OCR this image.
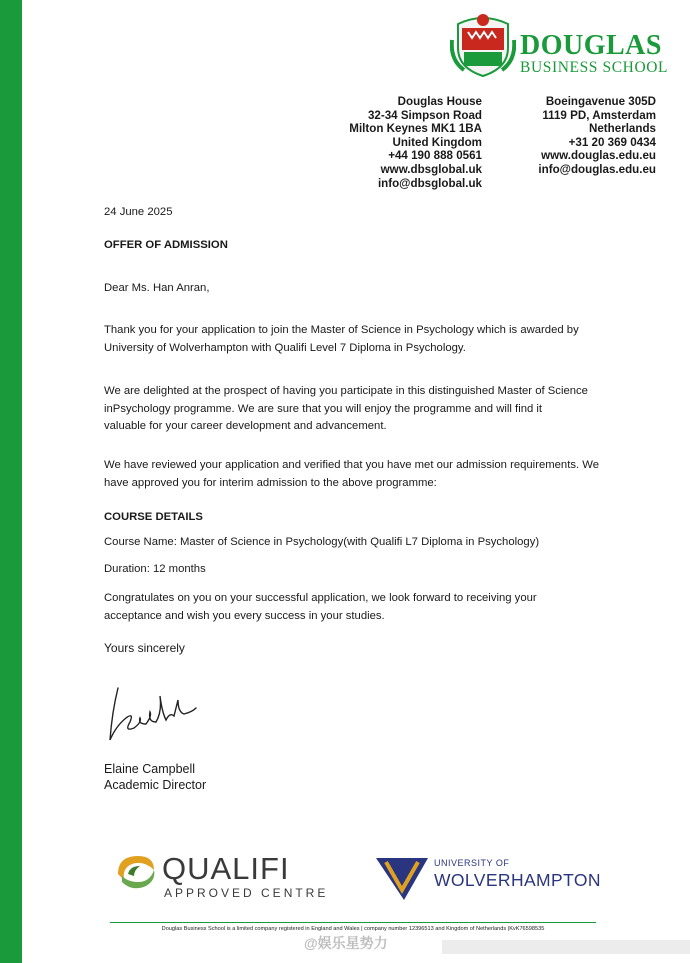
DOUGLAS
BUSINESS SCHOOL
Douglas House
32-34 Simpson Road
Milton Keynes MK1 1BA
United Kingdom
+44 190 888 0561
www.dbsglobal.uk
info@dbsglobal.uk
Boeingavenue 305D
1119 PD, Amsterdam
Netherlands
+31 20 369 0434
www.douglas.edu.eu
info@douglas.edu.eu
24 June 2025
OFFER OF ADMISSION
Dear Ms. Han Anran,
Thank you for your application to join the Master of Science in Psychology which is awarded by
University of Wolverhampton with Qualifi Level 7 Diploma in Psychology.
We are delighted at the prospect of having you participate in this distinguished Master of Science
inPsychology programme. We are sure that you will enjoy the programme and will find it
valuable for your career development and advancement.
We have reviewed your application and verified that you have met our admission requirements. We
have approved you for interim admission to the above programme:
COURSE DETAILS
Course Name: Master of Science in Psychology(with Qualifi L7 Diploma in Psychology)
Duration: 12 months
Congratulates on you on your successful application, we look forward to receiving your
acceptance and wish you every success in your studies.
Yours sincerely
Elaine Campbell
Academic Director
QUALIFI
APPROVED CENTRE
UNIVERSITY OF
WOLVERHAMPTON
Douglas Business School is a limited company registered in England and Wales | company number 12396513 and Kingdom of Netherlands |KvK76598535
@娱乐星势力
